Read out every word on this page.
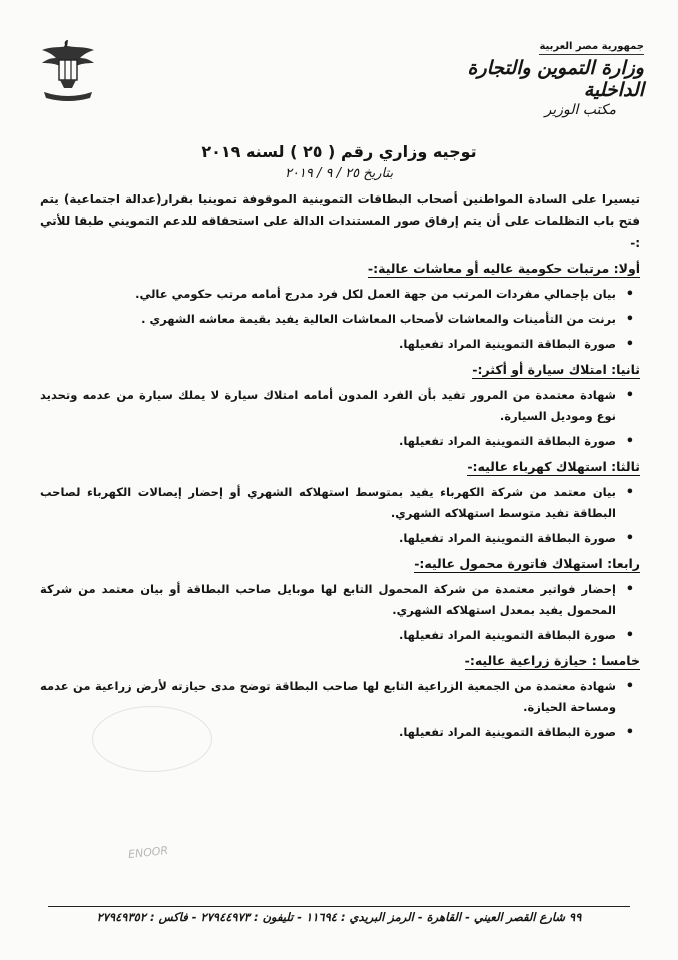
جمهورية مصر العربية
وزارة التموين والتجارة الداخلية
مكتب الوزير
توجيه وزاري رقم ( ٢٥ ) لسنه ٢٠١٩
بتاريخ ٢٥ / ٩ / ٢٠١٩

تيسيرا على السادة المواطنين أصحاب البطاقات التموينية الموقوفة تموينيا بقرار(عدالة اجتماعية) يتم فتح باب التظلمات على أن يتم إرفاق صور المستندات الدالة على استحقاقه للدعم التمويني طبقا للأتي :-

أولا: مرتبات حكومية عاليه أو معاشات عالية:-
• بيان بإجمالي مفردات المرتب من جهة العمل لكل فرد مدرج أمامه مرتب حكومي عالي.
• برنت من التأمينات والمعاشات لأصحاب المعاشات العالية يفيد بقيمة معاشه الشهري .
• صورة البطاقة التموينية المراد تفعيلها.
ثانيا: امتلاك سيارة أو أكثر:-
• شهادة معتمدة من المرور تفيد بأن الفرد المدون أمامه امتلاك سيارة لا يملك سيارة من عدمه وتحديد نوع وموديل السيارة.
• صورة البطاقة التموينية المراد تفعيلها.
ثالثا: استهلاك كهرباء عاليه:-
• بيان معتمد من شركة الكهرباء يفيد بمتوسط استهلاكه الشهري أو إحضار إيصالات الكهرباء لصاحب البطاقة تفيد متوسط استهلاكه الشهري.
• صورة البطاقة التموينية المراد تفعيلها.
رابعا: استهلاك فاتورة محمول عاليه:-
• إحضار فواتير معتمدة من شركة المحمول التابع لها موبايل صاحب البطاقة أو بيان معتمد من شركة المحمول يفيد بمعدل استهلاكه الشهري.
• صورة البطاقة التموينية المراد تفعيلها.
خامسا : حيازة زراعية عاليه:-
• شهادة معتمدة من الجمعية الزراعية التابع لها صاحب البطاقة توضح مدى حيازته لأرض زراعية من عدمه ومساحة الحيازة.
• صورة البطاقة التموينية المراد تفعيلها.
ENOOR
٩٩ شارع القصر العيني - القاهرة - الرمز البريدي : ١١٦٩٤ - تليفون : ٢٧٩٤٤٩٧٣ - فاكس : ٢٧٩٤٩٣٥٢
